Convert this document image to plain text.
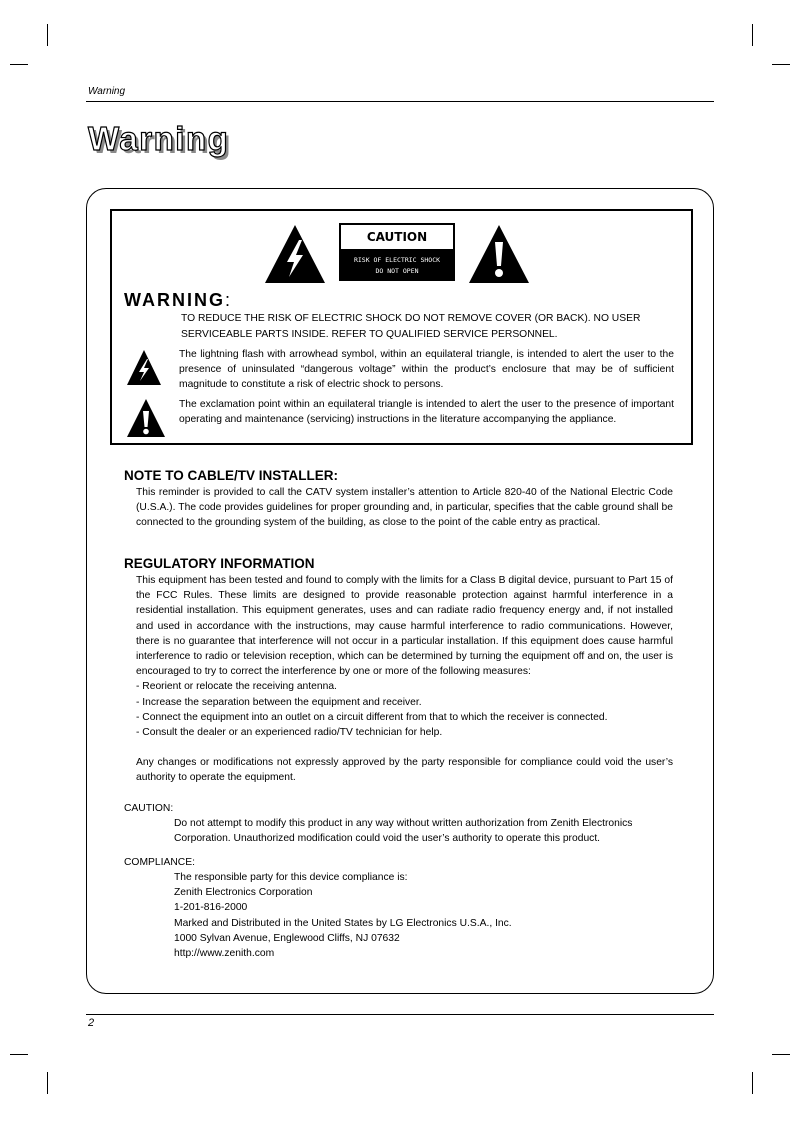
Warning
Warning
CAUTION
RISK OF ELECTRIC SHOCK
DO NOT OPEN
WARNING:
TO REDUCE THE RISK OF ELECTRIC SHOCK DO NOT REMOVE COVER (OR BACK). NO USER SERVICEABLE PARTS INSIDE. REFER TO QUALIFIED SERVICE PERSONNEL.
The lightning flash with arrowhead symbol, within an equilateral triangle, is intended to alert the user to the presence of uninsulated “dangerous voltage” within the product’s enclosure that may be of sufficient magnitude to constitute a risk of electric shock to persons.
The exclamation point within an equilateral triangle is intended to alert the user to the presence of important operating and maintenance (servicing) instructions in the literature accompanying the appliance.
NOTE TO CABLE/TV INSTALLER:

This reminder is provided to call the CATV system installer’s attention to Article 820-40 of the National Electric Code (U.S.A.). The code provides guidelines for proper grounding and, in particular, specifies that the cable ground shall be connected to the grounding system of the building, as close to the point of the cable entry as practical.

REGULATORY INFORMATION

This equipment has been tested and found to comply with the limits for a Class B digital device, pursuant to Part 15 of the FCC Rules. These limits are designed to provide reasonable protection against harmful interference in a residential installation. This equipment generates, uses and can radiate radio frequency energy and, if not installed and used in accordance with the instructions, may cause harmful interference to radio communications. However, there is no guarantee that interference will not occur in a particular installation. If this equipment does cause harmful interference to radio or television reception, which can be determined by turning the equipment off and on, the user is encouraged to try to correct the interference by one or more of the following measures:

- Reorient or relocate the receiving antenna.

- Increase the separation between the equipment and receiver.

- Connect the equipment into an outlet on a circuit different from that to which the receiver is connected.

- Consult the dealer or an experienced radio/TV technician for help.

Any changes or modifications not expressly approved by the party responsible for compliance could void the user’s authority to operate the equipment.

CAUTION:
Do not attempt to modify this product in any way without written authorization from Zenith Electronics
Corporation. Unauthorized modification could void the user’s authority to operate this product.
COMPLIANCE:
The responsible party for this device compliance is:
Zenith Electronics Corporation
1-201-816-2000
Marked and Distributed in the United States by LG Electronics U.S.A., Inc.
1000 Sylvan Avenue, Englewood Cliffs, NJ 07632
http://www.zenith.com
2
